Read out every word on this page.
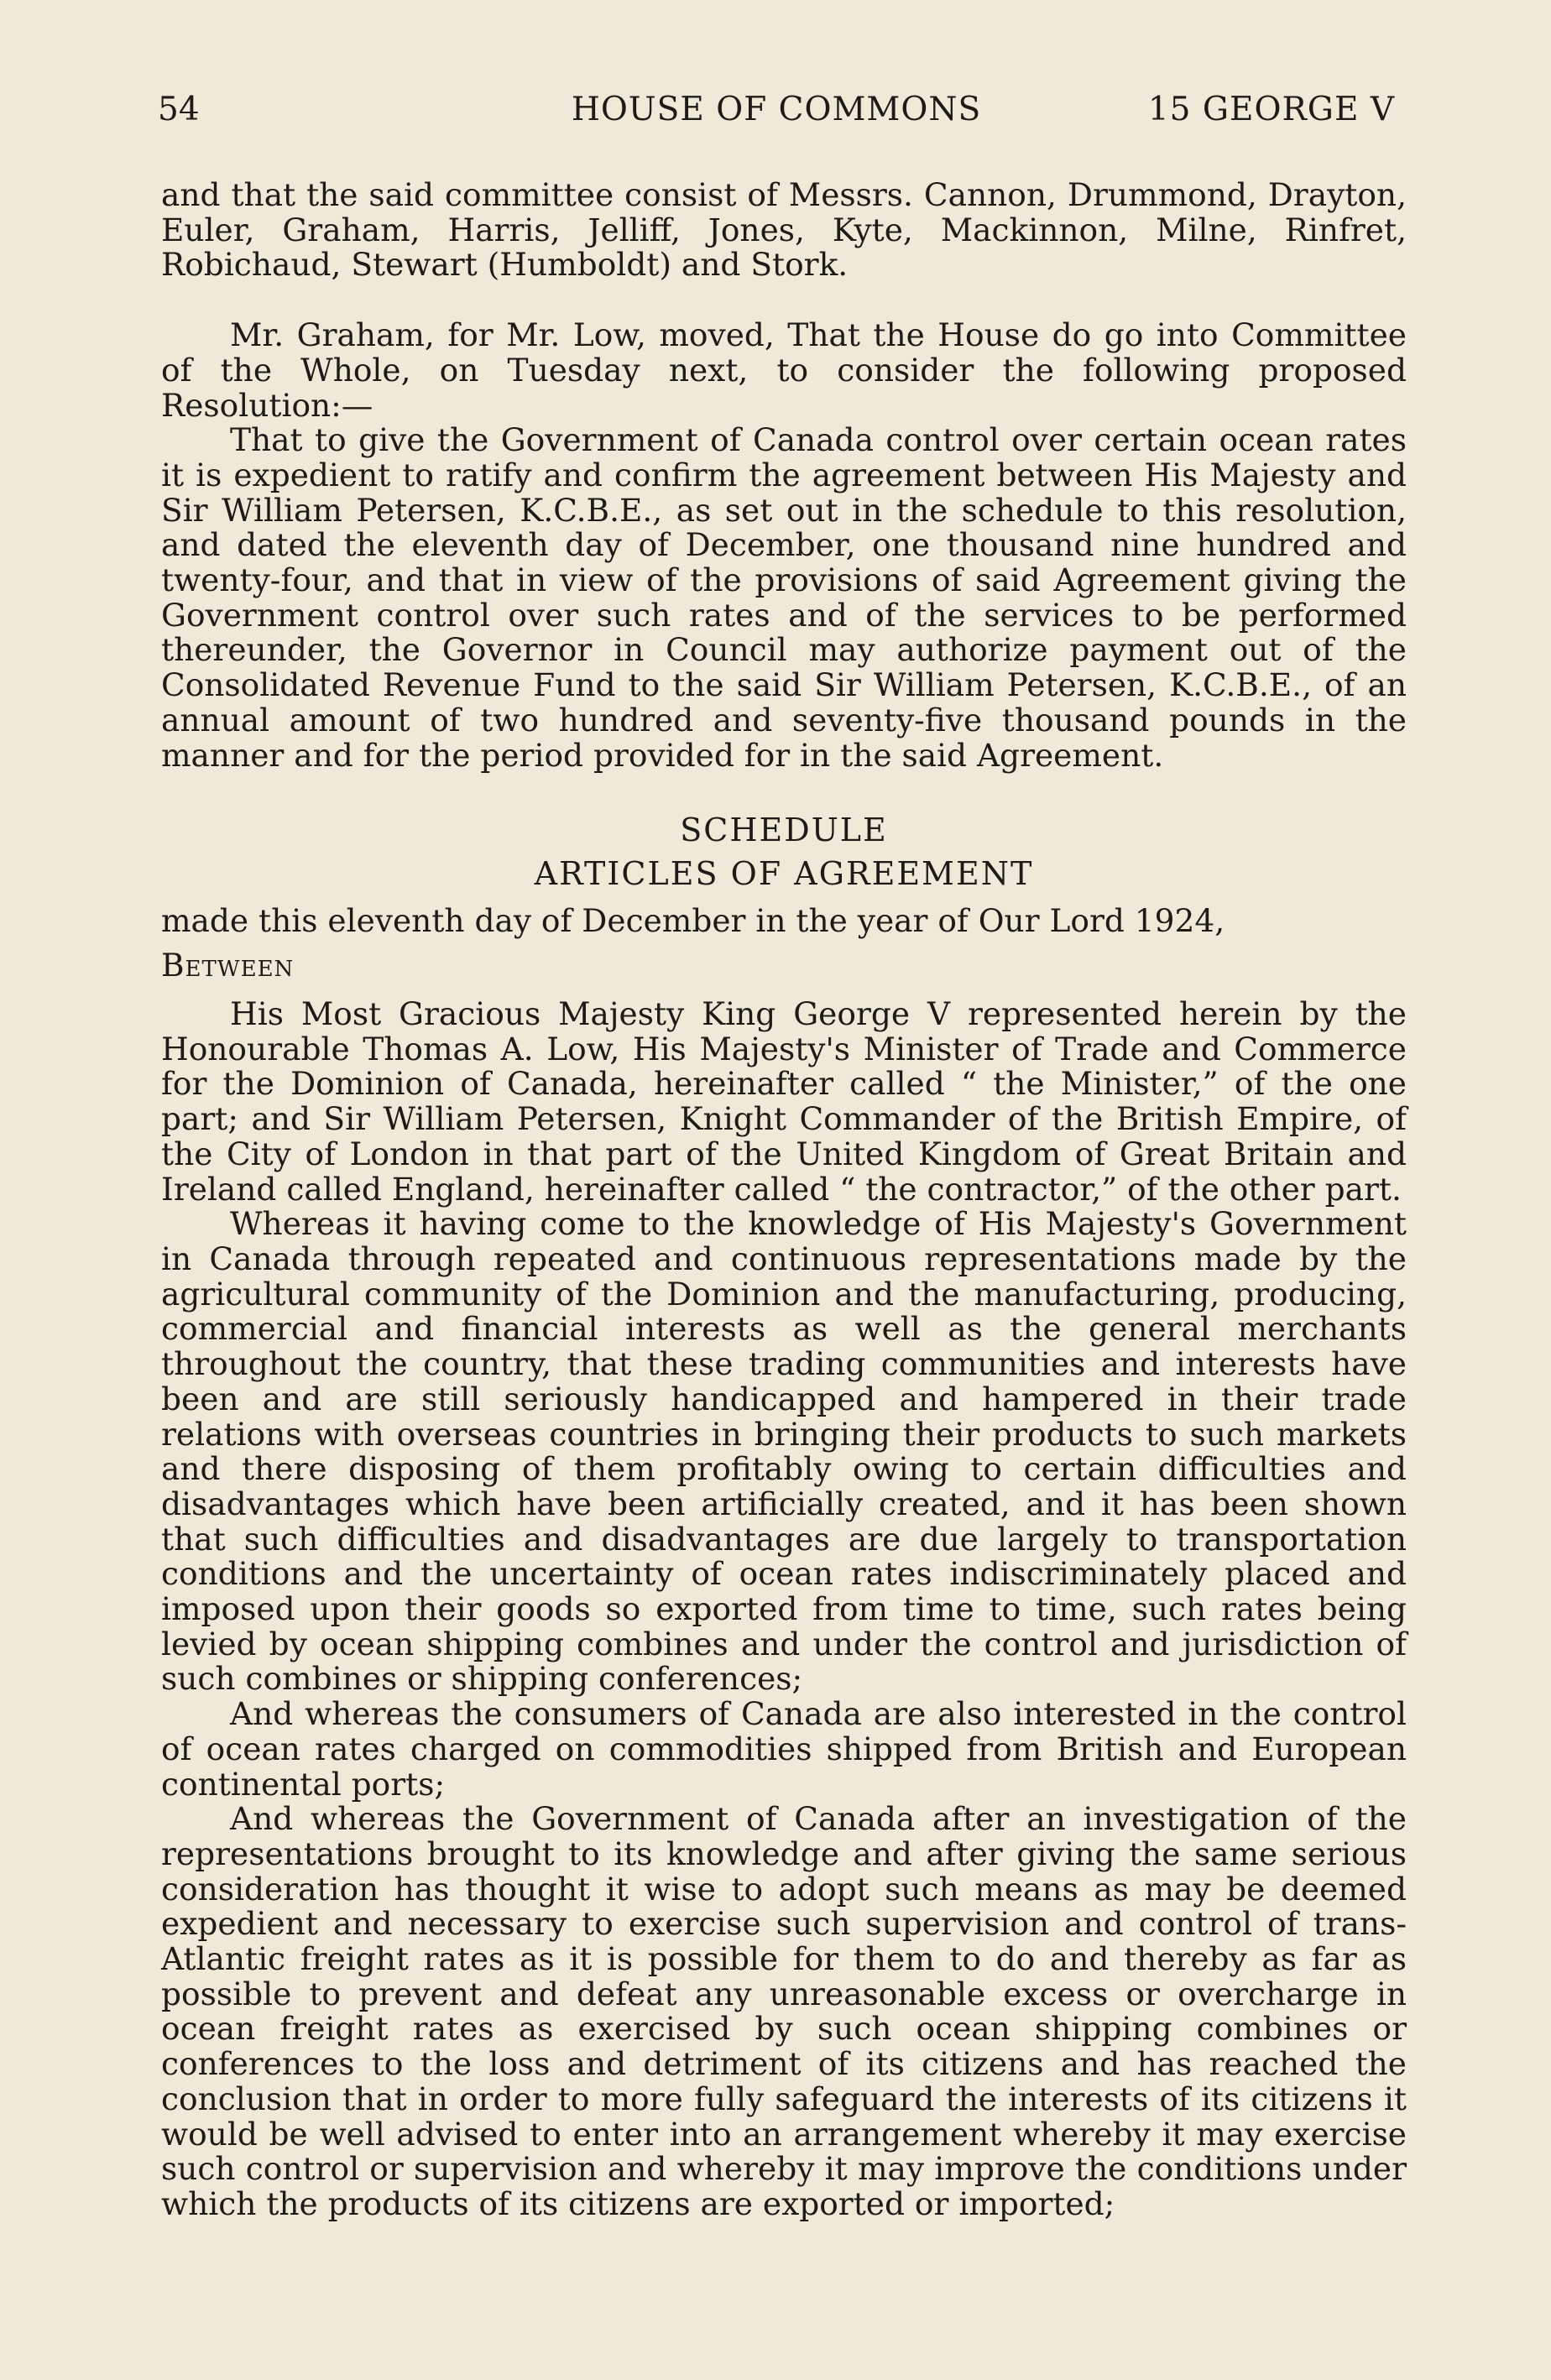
54	HOUSE OF COMMONS	15 GEORGE V

and that the said committee consist of Messrs. Cannon, Drummond, Drayton, Euler, Graham, Harris, Jelliff, Jones, Kyte, Mackinnon, Milne, Rinfret, Robichaud, Stewart (Humboldt) and Stork.

Mr. Graham, for Mr. Low, moved, That the House do go into Committee of the Whole, on Tuesday next, to consider the following proposed Resolution:—

That to give the Government of Canada control over certain ocean rates it is expedient to ratify and confirm the agreement between His Majesty and Sir William Petersen, K.C.B.E., as set out in the schedule to this resolution, and dated the eleventh day of December, one thousand nine hundred and twenty-four, and that in view of the provisions of said Agreement giving the Government control over such rates and of the services to be performed thereunder, the Governor in Council may authorize payment out of the Consolidated Revenue Fund to the said Sir William Petersen, K.C.B.E., of an annual amount of two hundred and seventy-five thousand pounds in the manner and for the period provided for in the said Agreement.

SCHEDULE

ARTICLES OF AGREEMENT

made this eleventh day of December in the year of Our Lord 1924,

Between

His Most Gracious Majesty King George V represented herein by the Honourable Thomas A. Low, His Majesty's Minister of Trade and Commerce for the Dominion of Canada, hereinafter called “ the Minister,” of the one part; and Sir William Petersen, Knight Commander of the British Empire, of the City of London in that part of the United Kingdom of Great Britain and Ireland called England, hereinafter called “ the contractor,” of the other part.

Whereas it having come to the knowledge of His Majesty's Government in Canada through repeated and continuous representations made by the agricultural community of the Dominion and the manufacturing, producing, commercial and financial interests as well as the general merchants throughout the country, that these trading communities and interests have been and are still seriously handicapped and hampered in their trade relations with overseas countries in bringing their products to such markets and there disposing of them profitably owing to certain difficulties and disadvantages which have been artificially created, and it has been shown that such difficulties and disadvantages are due largely to transportation conditions and the uncertainty of ocean rates indiscriminately placed and imposed upon their goods so exported from time to time, such rates being levied by ocean shipping combines and under the control and jurisdiction of such combines or shipping conferences;

And whereas the consumers of Canada are also interested in the control of ocean rates charged on commodities shipped from British and European continental ports;

And whereas the Government of Canada after an investigation of the representations brought to its knowledge and after giving the same serious consideration has thought it wise to adopt such means as may be deemed expedient and necessary to exercise such supervision and control of trans-Atlantic freight rates as it is possible for them to do and thereby as far as possible to prevent and defeat any unreasonable excess or overcharge in ocean freight rates as exercised by such ocean shipping combines or conferences to the loss and detriment of its citizens and has reached the conclusion that in order to more fully safeguard the interests of its citizens it would be well advised to enter into an arrangement whereby it may exercise such control or supervision and whereby it may improve the conditions under which the products of its citizens are exported or imported;
